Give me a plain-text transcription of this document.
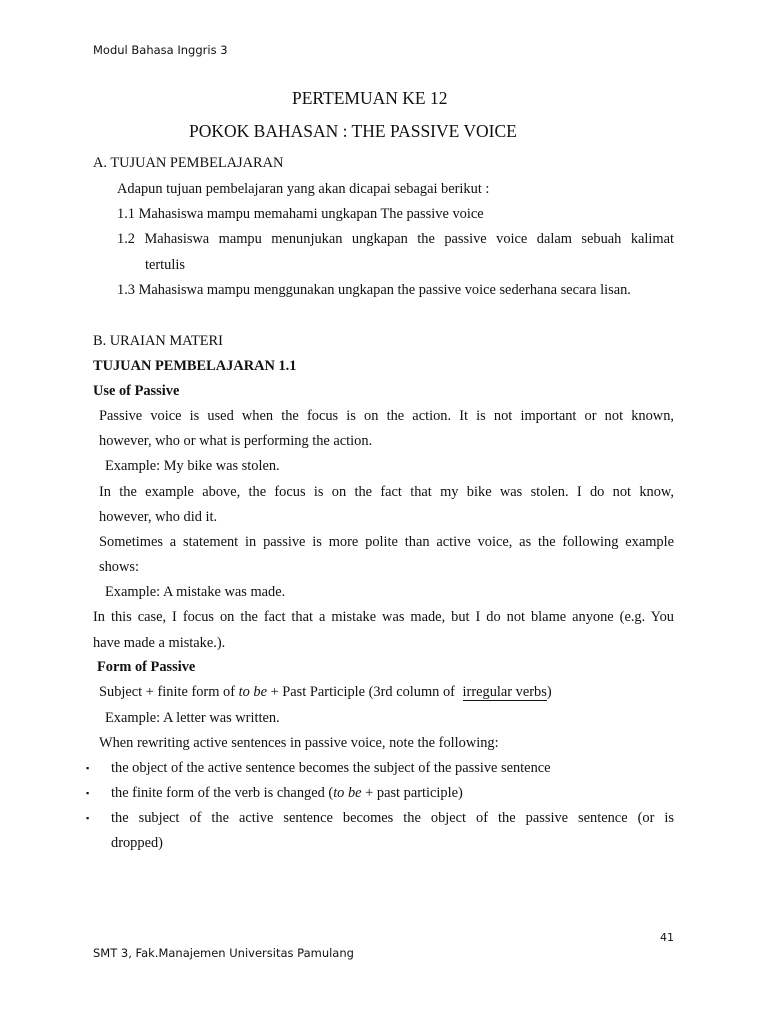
Modul Bahasa Inggris 3
PERTEMUAN KE 12
POKOK BAHASAN : THE PASSIVE VOICE
A. TUJUAN PEMBELAJARAN
Adapun tujuan pembelajaran yang akan dicapai sebagai berikut :
1.1 Mahasiswa mampu memahami ungkapan The passive voice
1.2 Mahasiswa mampu menunjukan ungkapan the passive voice dalam sebuah kalimat
tertulis
1.3 Mahasiswa mampu menggunakan ungkapan the passive voice sederhana secara lisan.
B. URAIAN MATERI
TUJUAN PEMBELAJARAN 1.1
Use of Passive
Passive voice is used when the focus is on the action. It is not important or not known,
however, who or what is performing the action.
Example: My bike was stolen.
In the example above, the focus is on the fact that my bike was stolen. I do not know,
however, who did it.
Sometimes a statement in passive is more polite than active voice, as the following example
shows:
Example: A mistake was made.
In this case, I focus on the fact that a mistake was made, but I do not blame anyone (e.g. You
have made a mistake.).
Form of Passive
Subject + finite form of to be + Past Participle (3rd column of irregular verbs)
Example: A letter was written.
When rewriting active sentences in passive voice, note the following:
▪ the object of the active sentence becomes the subject of the passive sentence
▪ the finite form of the verb is changed (to be + past participle)
▪ the subject of the active sentence becomes the object of the passive sentence (or is
dropped)
41
SMT 3, Fak.Manajemen Universitas Pamulang
